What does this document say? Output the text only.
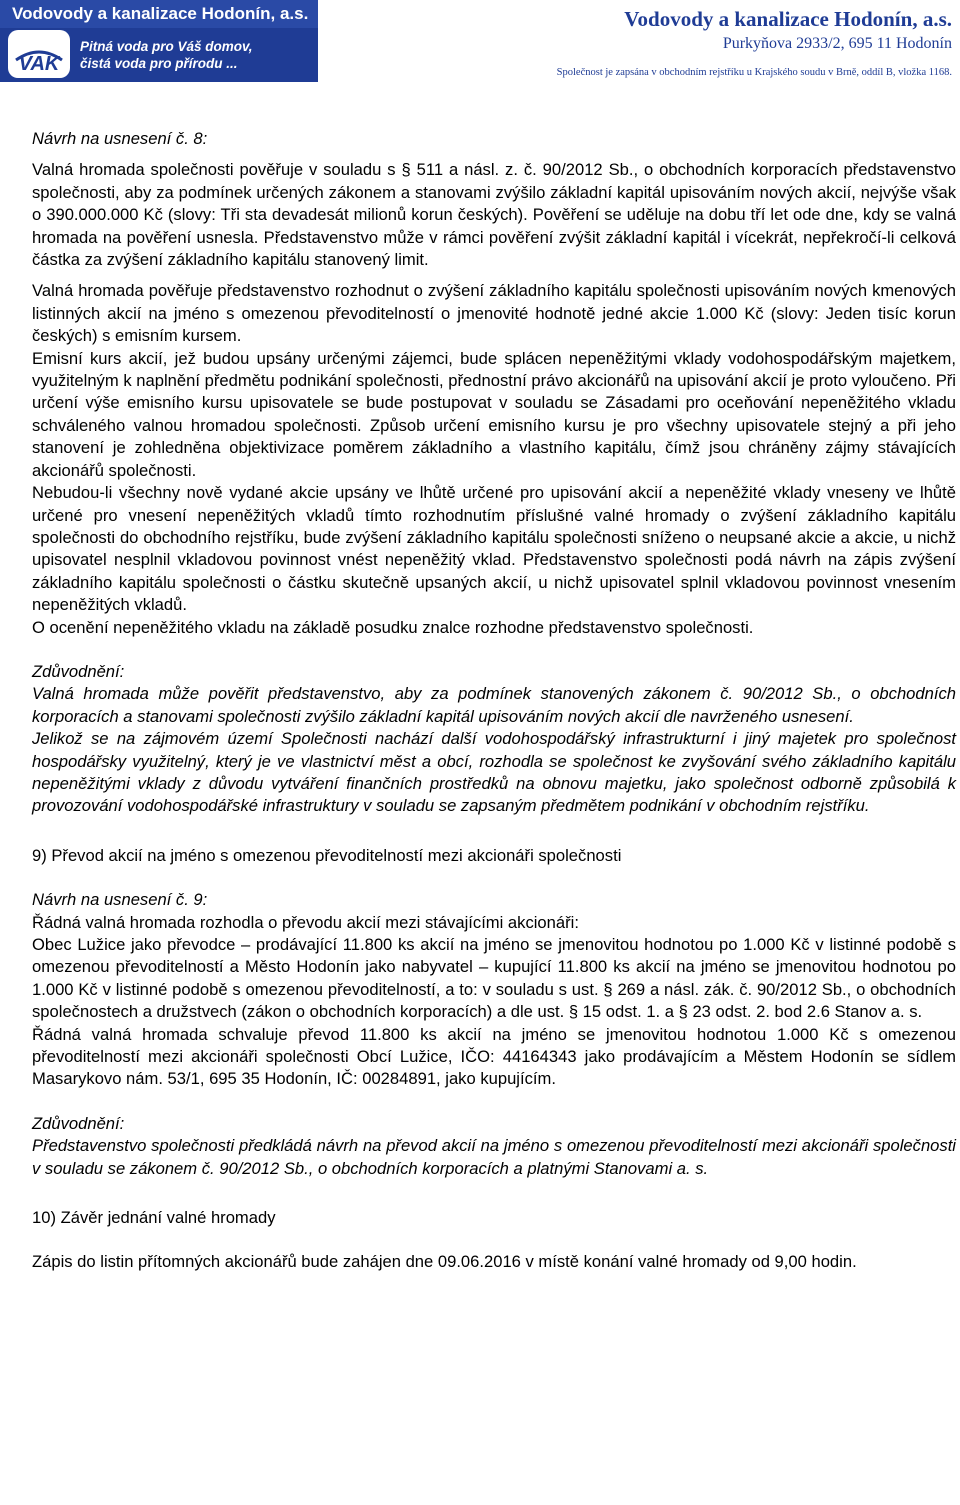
Vodovody a kanalizace Hodonín, a.s.
VAK
Pitná voda pro Váš domov,
čistá voda pro přírodu ...
Vodovody a kanalizace Hodonín, a.s.
Purkyňova 2933/2, 695 11 Hodonín
Společnost je zapsána v obchodním rejstříku u Krajského soudu v Brně, oddíl B, vložka 1168.

Návrh na usnesení č. 8:

Valná hromada společnosti pověřuje v souladu s § 511 a násl. z. č. 90/2012 Sb., o obchodních korporacích představenstvo společnosti, aby za podmínek určených zákonem a stanovami zvýšilo základní kapitál upisováním nových akcií, nejvýše však o 390.000.000 Kč (slovy: Tři sta devadesát milionů korun českých). Pověření se uděluje na dobu tří let ode dne, kdy se valná hromada na pověření usnesla. Představenstvo může v rámci pověření zvýšit základní kapitál i vícekrát, nepřekročí-li celková částka za zvýšení základního kapitálu stanovený limit.

Valná hromada pověřuje představenstvo rozhodnut o zvýšení základního kapitálu společnosti upisováním nových kmenových listinných akcií na jméno s omezenou převoditelností o jmenovité hodnotě jedné akcie 1.000 Kč (slovy: Jeden tisíc korun českých) s emisním kursem.

Emisní kurs akcií, jež budou upsány určenými zájemci, bude splácen nepeněžitými vklady vodohospodářským majetkem, využitelným k naplnění předmětu podnikání společnosti, přednostní právo akcionářů na upisování akcií je proto vyloučeno. Při určení výše emisního kursu upisovatele se bude postupovat v souladu se Zásadami pro oceňování nepeněžitého vkladu schváleného valnou hromadou společnosti. Způsob určení emisního kursu je pro všechny upisovatele stejný a při jeho stanovení je zohledněna objektivizace poměrem základního a vlastního kapitálu, čímž jsou chráněny zájmy stávajících akcionářů společnosti.

Nebudou-li všechny nově vydané akcie upsány ve lhůtě určené pro upisování akcií a nepeněžité vklady vneseny ve lhůtě určené pro vnesení nepeněžitých vkladů tímto rozhodnutím příslušné valné hromady o zvýšení základního kapitálu společnosti do obchodního rejstříku, bude zvýšení základního kapitálu společnosti sníženo o neupsané akcie a akcie, u nichž upisovatel nesplnil vkladovou povinnost vnést nepeněžitý vklad. Představenstvo společnosti podá návrh na zápis zvýšení základního kapitálu společnosti o částku skutečně upsaných akcií, u nichž upisovatel splnil vkladovou povinnost vnesením nepeněžitých vkladů.

O ocenění nepeněžitého vkladu na základě posudku znalce rozhodne představenstvo společnosti.

Zdůvodnění:

Valná hromada může pověřit představenstvo, aby za podmínek stanovených zákonem č. 90/2012 Sb., o obchodních korporacích a stanovami společnosti zvýšilo základní kapitál upisováním nových akcií dle navrženého usnesení.

Jelikož se na zájmovém území Společnosti nachází další vodohospodářský infrastrukturní i jiný majetek pro společnost hospodářsky využitelný, který je ve vlastnictví měst a obcí, rozhodla se společnost ke zvyšování svého základního kapitálu nepeněžitými vklady z důvodu vytváření finančních prostředků na obnovu majetku, jako společnost odborně způsobilá k provozování vodohospodářské infrastruktury v souladu se zapsaným předmětem podnikání v obchodním rejstříku.

9) Převod akcií na jméno s omezenou převoditelností mezi akcionáři společnosti

Návrh na usnesení č. 9:

Řádná valná hromada rozhodla o převodu akcií mezi stávajícími akcionáři:

Obec Lužice jako převodce – prodávající 11.800 ks akcií na jméno se jmenovitou hodnotou po 1.000 Kč v listinné podobě s omezenou převoditelností a Město Hodonín jako nabyvatel – kupující 11.800 ks akcií na jméno se jmenovitou hodnotou po 1.000 Kč v listinné podobě s omezenou převoditelností, a to: v souladu s ust. § 269 a násl. zák. č. 90/2012 Sb., o obchodních společnostech a družstvech (zákon o obchodních korporacích) a dle ust. § 15 odst. 1. a § 23 odst. 2. bod 2.6 Stanov a. s.

Řádná valná hromada schvaluje převod 11.800 ks akcií na jméno se jmenovitou hodnotou 1.000 Kč s omezenou převoditelností mezi akcionáři společnosti Obcí Lužice, IČO: 44164343 jako prodávajícím a Městem Hodonín se sídlem Masarykovo nám. 53/1, 695 35 Hodonín, IČ: 00284891, jako kupujícím.

Zdůvodnění:

Představenstvo společnosti předkládá návrh na převod akcií na jméno s omezenou převoditelností mezi akcionáři společnosti v souladu se zákonem č. 90/2012 Sb., o obchodních korporacích a platnými Stanovami a. s.

10) Závěr jednání valné hromady

Zápis do listin přítomných akcionářů bude zahájen dne 09.06.2016 v místě konání valné hromady od 9,00 hodin.
